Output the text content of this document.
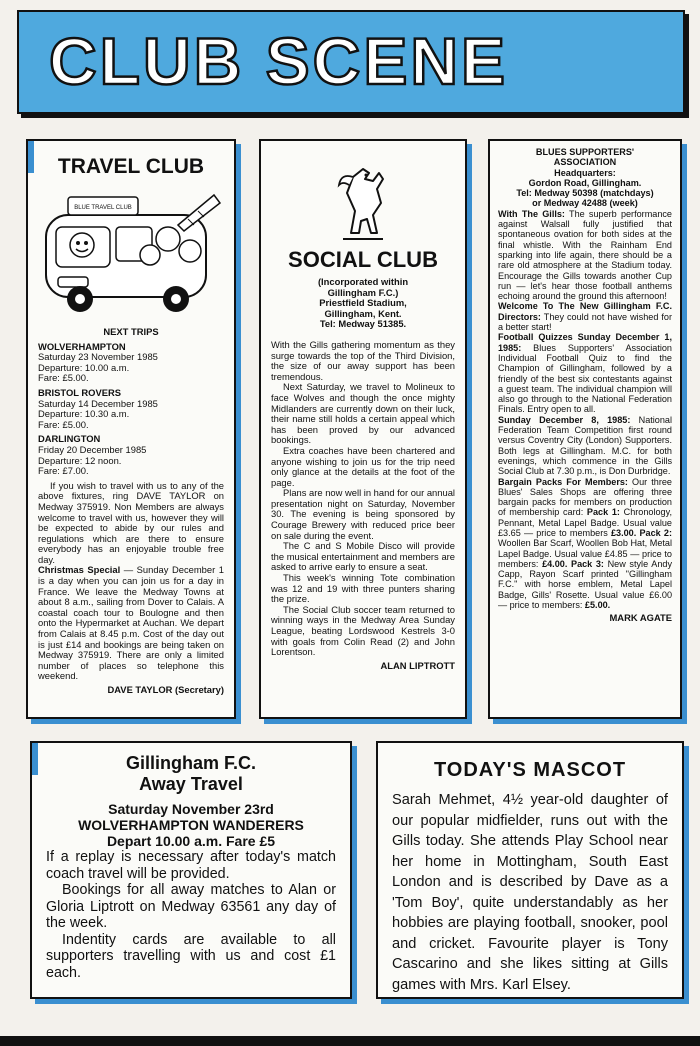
CLUB SCENE
TRAVEL CLUB
BLUE TRAVEL CLUB
NEXT TRIPS
WOLVERHAMPTON
Saturday 23 November 1985
Departure: 10.00 a.m.
Fare: £5.00.
BRISTOL ROVERS
Saturday 14 December 1985
Departure: 10.30 a.m.
Fare: £5.00.
DARLINGTON
Friday 20 December 1985
Departure: 12 noon.
Fare: £7.00.

If you wish to travel with us to any of the above fixtures, ring DAVE TAYLOR on Medway 375919. Non Members are always welcome to travel with us, however they will be expected to abide by our rules and regulations which are there to ensure everybody has an enjoyable trouble free day.

Christmas Special — Sunday December 1 is a day when you can join us for a day in France. We leave the Medway Towns at about 8 a.m., sailing from Dover to Calais. A coastal coach tour to Boulogne and then onto the Hypermarket at Auchan. We depart from Calais at 8.45 p.m. Cost of the day out is just £14 and bookings are being taken on Medway 375919. There are only a limited number of places so telephone this weekend.

DAVE TAYLOR (Secretary)
SOCIAL CLUB
(Incorporated within
Gillingham F.C.)
Priestfield Stadium,
Gillingham, Kent.
Tel: Medway 51385.

With the Gills gathering momentum as they surge towards the top of the Third Division, the size of our away support has been tremendous.

Next Saturday, we travel to Molineux to face Wolves and though the once mighty Midlanders are currently down on their luck, their name still holds a certain appeal which has been proved by our advanced bookings.

Extra coaches have been chartered and anyone wishing to join us for the trip need only glance at the details at the foot of the page.

Plans are now well in hand for our annual presentation night on Saturday, November 30. The evening is being sponsored by Courage Brewery with reduced price beer on sale during the event.

The C and S Mobile Disco will provide the musical entertainment and members are asked to arrive early to ensure a seat.

This week's winning Tote combination was 12 and 19 with three punters sharing the prize.

The Social Club soccer team returned to winning ways in the Medway Area Sunday League, beating Lordswood Kestrels 3-0 with goals from Colin Read (2) and John Lorentson.

ALAN LIPTROTT
BLUES SUPPORTERS'
ASSOCIATION
Headquarters:
Gordon Road, Gillingham.
Tel: Medway 50398 (matchdays)
or Medway 42488 (week)

With The Gills: The superb performance against Walsall fully justified that spontaneous ovation for both sides at the final whistle. With the Rainham End sparking into life again, there should be a rare old atmosphere at the Stadium today. Encourage the Gills towards another Cup run — let's hear those football anthems echoing around the ground this afternoon!

Welcome To The New Gillingham F.C. Directors: They could not have wished for a better start!

Football Quizzes Sunday December 1, 1985: Blues Supporters' Association Individual Football Quiz to find the Champion of Gillingham, followed by a friendly of the best six contestants against a guest team. The individual champion will also go through to the National Federation Finals. Entry open to all.

Sunday December 8, 1985: National Federation Team Competition first round versus Coventry City (London) Supporters. Both legs at Gillingham. M.C. for both evenings, which commence in the Gills Social Club at 7.30 p.m., is Don Durbridge.

Bargain Packs For Members: Our three Blues' Sales Shops are offering three bargain packs for members on production of membership card: Pack 1: Chronology, Pennant, Metal Lapel Badge. Usual value £3.65 — price to members £3.00. Pack 2: Woollen Bar Scarf, Woollen Bob Hat, Metal Lapel Badge. Usual value £4.85 — price to members: £4.00. Pack 3: New style Andy Capp, Rayon Scarf printed "Gillingham F.C." with horse emblem, Metal Lapel Badge, Gills' Rosette. Usual value £6.00 — price to members: £5.00.

MARK AGATE
Gillingham F.C.
Away Travel
Saturday November 23rd
WOLVERHAMPTON WANDERERS
Depart 10.00 a.m. Fare £5

If a replay is necessary after today's match coach travel will be provided.

Bookings for all away matches to Alan or Gloria Liptrott on Medway 63561 any day of the week.

Indentity cards are available to all supporters travelling with us and cost £1 each.

TODAY'S MASCOT

Sarah Mehmet, 4½ year-old daughter of our popular midfielder, runs out with the Gills today. She attends Play School near her home in Mottingham, South East London and is described by Dave as a 'Tom Boy', quite understandably as her hobbies are playing football, snooker, pool and cricket. Favourite player is Tony Cascarino and she likes sitting at Gills games with Mrs. Karl Elsey.
